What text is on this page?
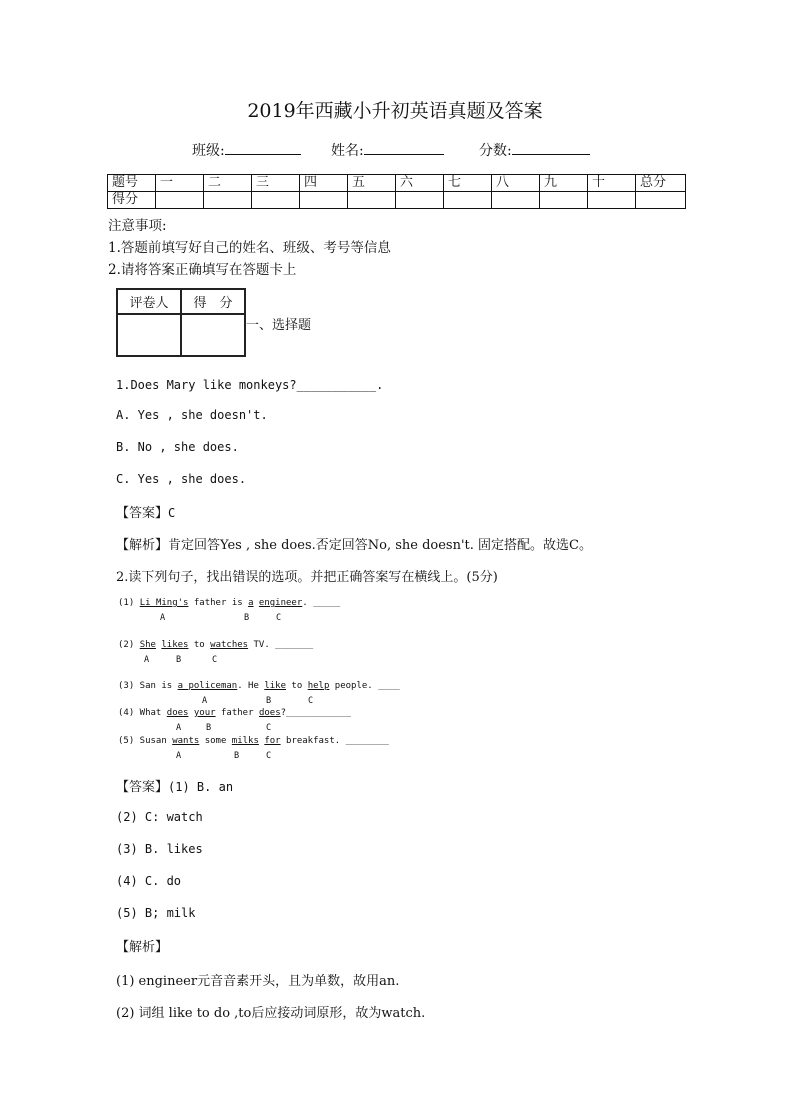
2019年西藏小升初英语真题及答案
班级:	姓名:	分数:
题号	一	二	三	四	五	六	七	八	九	十	总分
得分											
注意事项:
1.答题前填写好自己的姓名、班级、考号等信息
2.请将答案正确填写在答题卡上
评卷人	得　分

一、选择题
1.Does Mary like monkeys?___________.
A. Yes , she doesn't.
B. No , she does.
C. Yes , she does.
【答案】C
【解析】肯定回答Yes , she does.否定回答No, she doesn't. 固定搭配。故选C。
2.读下列句子，找出错误的选项。并把正确答案写在横线上。(5分)
(1) Li Ming's father is a engineer. _____
A	B	C
(2) She likes to watches TV. _______
A	B	C
(3) San is a policeman. He like to help people. ____
A	B	C
(4) What does your father does?____________
A	B	C
(5) Susan wants some milks for breakfast. ________
A	B	C
【答案】(1) B. an
(2) C: watch
(3) B. likes
(4) C. do
(5) B; milk
【解析】
(1) engineer元音音素开头，且为单数，故用an.
(2) 词组 like to do ,to后应接动词原形，故为watch.
